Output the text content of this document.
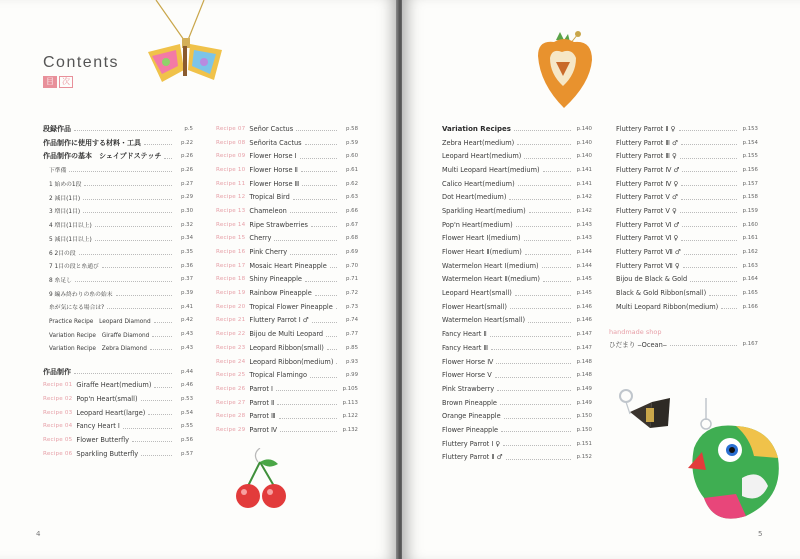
Contents
目	次
段録作品	p.5
作品制作に使用する材料・工具	p.22
作品制作の基本　シェイプドステッチ	p.26
下準備	p.26
1 始めの1段	p.27
2 減目(1目)	p.29
3 増目(1目)	p.30
4 増目(1目以上)	p.32
5 減目(1目以上)	p.34
6 2目の段	p.35
7 1目の段と糸通び	p.36
8 糸足し	p.37
9 編み終わりの糸の始末	p.39
糸が気になる場合は?	p.41
Practice Recipe　Leopard Diamond	p.42
Variation Recipe　Giraffe Diamond	p.43
Variation Recipe　Zebra Diamond	p.43
作品制作	p.44
Recipe 01 Giraffe Heart(medium)	p.46
Recipe 02 Pop'n Heart(small)	p.53
Recipe 03 Leopard Heart(large)	p.54
Recipe 04 Fancy Heart Ⅰ	p.55
Recipe 05 Flower Butterfly	p.56
Recipe 06 Sparkling Butterfly	p.57
Recipe 07 Señor Cactus	p.58
Recipe 08 Señorita Cactus	p.59
Recipe 09 Flower Horse Ⅰ	p.60
Recipe 10 Flower Horse Ⅱ	p.61
Recipe 11 Flower Horse Ⅲ	p.62
Recipe 12 Tropical Bird	p.63
Recipe 13 Chameleon	p.66
Recipe 14 Ripe Strawberries	p.67
Recipe 15 Cherry	p.68
Recipe 16 Pink Cherry	p.69
Recipe 17 Mosaic Heart Pineapple	p.70
Recipe 18 Shiny Pineapple	p.71
Recipe 19 Rainbow Pineapple	p.72
Recipe 20 Tropical Flower Pineapple	p.73
Recipe 21 Fluttery Parrot Ⅰ ♂	p.74
Recipe 22 Bijou de Multi Leopard	p.77
Recipe 23 Leopard Ribbon(small)	p.85
Recipe 24 Leopard Ribbon(medium)	p.93
Recipe 25 Tropical Flamingo	p.99
Recipe 26 Parrot Ⅰ	p.105
Recipe 27 Parrot Ⅱ	p.113
Recipe 28 Parrot Ⅲ	p.122
Recipe 29 Parrot Ⅳ	p.132
4
Variation Recipes	p.140
Zebra Heart(medium)	p.140
Leopard Heart(medium)	p.140
Multi Leopard Heart(medium)	p.141
Calico Heart(medium)	p.141
Dot Heart(medium)	p.142
Sparkling Heart(medium)	p.142
Pop'n Heart(medium)	p.143
Flower Heart Ⅰ(medium)	p.143
Flower Heart Ⅱ(medium)	p.144
Watermelon Heart Ⅰ(medium)	p.144
Watermelon Heart Ⅱ(medium)	p.145
Leopard Heart(small)	p.145
Flower Heart(small)	p.146
Watermelon Heart(small)	p.146
Fancy Heart Ⅱ	p.147
Fancy Heart Ⅲ	p.147
Flower Horse Ⅳ	p.148
Flower Horse Ⅴ	p.148
Pink Strawberry	p.149
Brown Pineapple	p.149
Orange Pineapple	p.150
Flower Pineapple	p.150
Fluttery Parrot Ⅰ ♀	p.151
Fluttery Parrot Ⅱ ♂	p.152
Fluttery Parrot Ⅱ ♀	p.153
Fluttery Parrot Ⅲ ♂	p.154
Fluttery Parrot Ⅲ ♀	p.155
Fluttery Parrot Ⅳ ♂	p.156
Fluttery Parrot Ⅳ ♀	p.157
Fluttery Parrot Ⅴ ♂	p.158
Fluttery Parrot Ⅴ ♀	p.159
Fluttery Parrot Ⅵ ♂	p.160
Fluttery Parrot Ⅵ ♀	p.161
Fluttery Parrot Ⅶ ♂	p.162
Fluttery Parrot Ⅶ ♀	p.163
Bijou de Black & Gold	p.164
Black & Gold Ribbon(small)	p.165
Multi Leopard Ribbon(medium)	p.166
handmade shop
ひだまり ‒Ocean‒	p.167
5
